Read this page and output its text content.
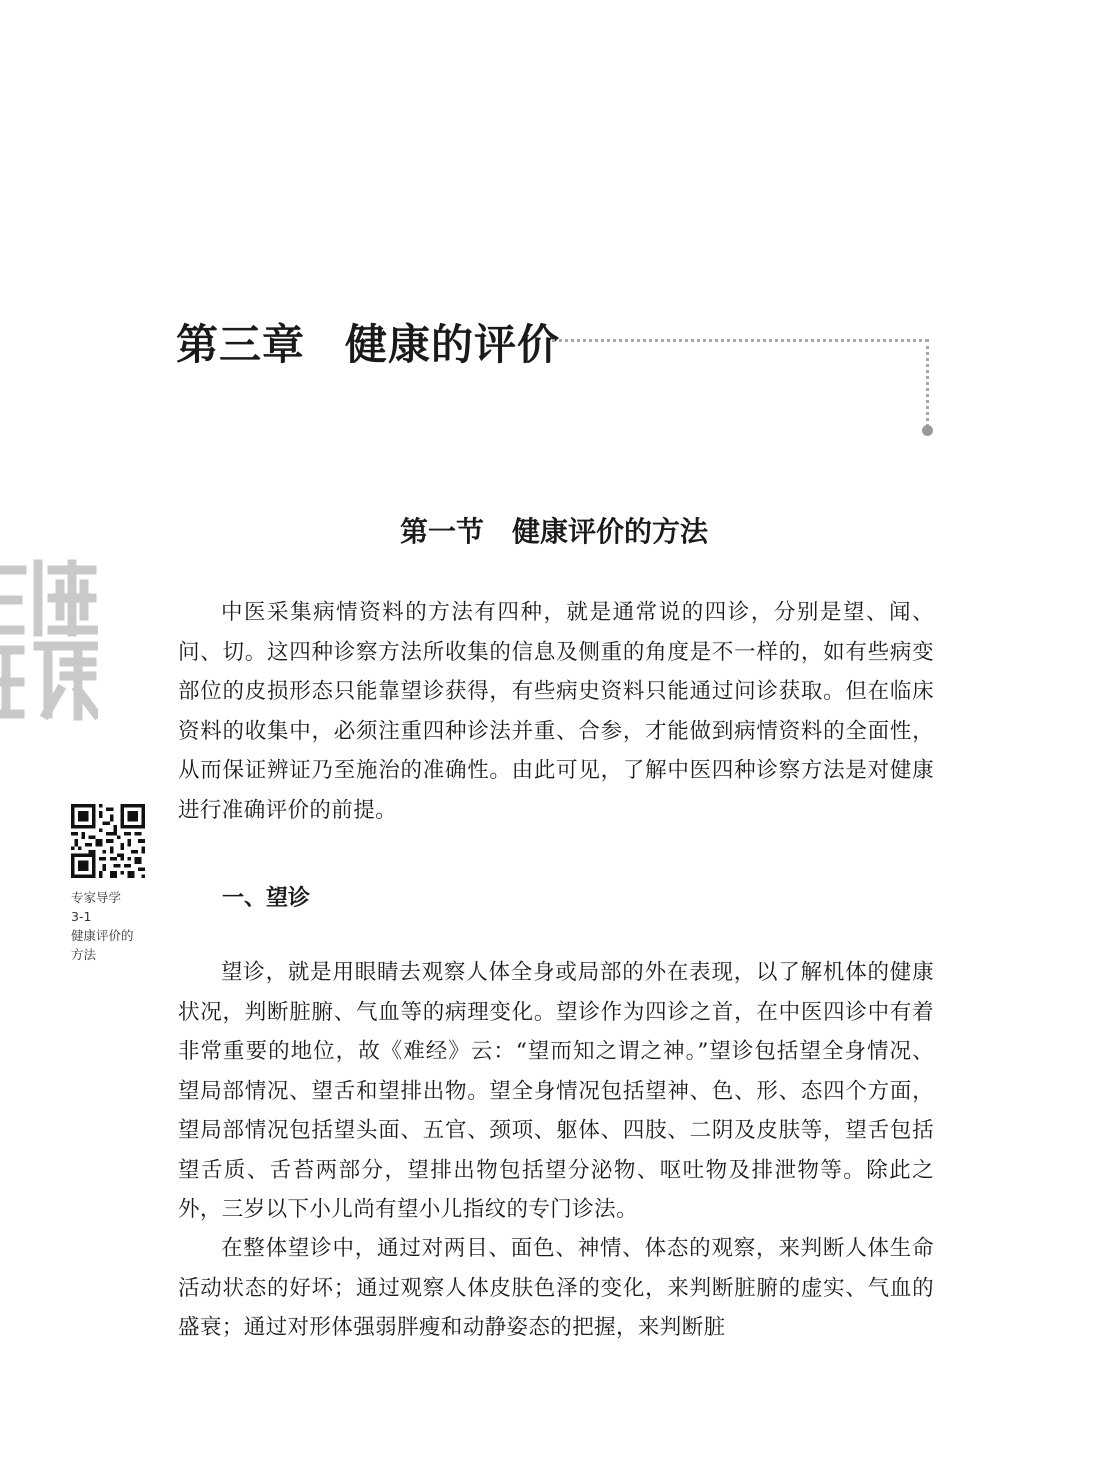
第三章 健康的评价
第一节 健康评价的方法
专家导学
3-1
健康评价的
方法

中医采集病情资料的方法有四种，就是通常说的四诊，分别是望、闻、问、切。这四种诊察方法所收集的信息及侧重的角度是不一样的，如有些病变部位的皮损形态只能靠望诊获得，有些病史资料只能通过问诊获取。但在临床资料的收集中，必须注重四种诊法并重、合参，才能做到病情资料的全面性，从而保证辨证乃至施治的准确性。由此可见，了解中医四种诊察方法是对健康进行准确评价的前提。

一、望诊

望诊，就是用眼睛去观察人体全身或局部的外在表现，以了解机体的健康状况，判断脏腑、气血等的病理变化。望诊作为四诊之首，在中医四诊中有着非常重要的地位，故《难经》云：“望而知之谓之神。”望诊包括望全身情况、望局部情况、望舌和望排出物。望全身情况包括望神、色、形、态四个方面，望局部情况包括望头面、五官、颈项、躯体、四肢、二阴及皮肤等，望舌包括望舌质、舌苔两部分，望排出物包括望分泌物、呕吐物及排泄物等。除此之外，三岁以下小儿尚有望小儿指纹的专门诊法。

在整体望诊中，通过对两目、面色、神情、体态的观察，来判断人体生命活动状态的好坏；通过观察人体皮肤色泽的变化，来判断脏腑的虚实、气血的盛衰；通过对形体强弱胖瘦和动静姿态的把握，来判断脏
